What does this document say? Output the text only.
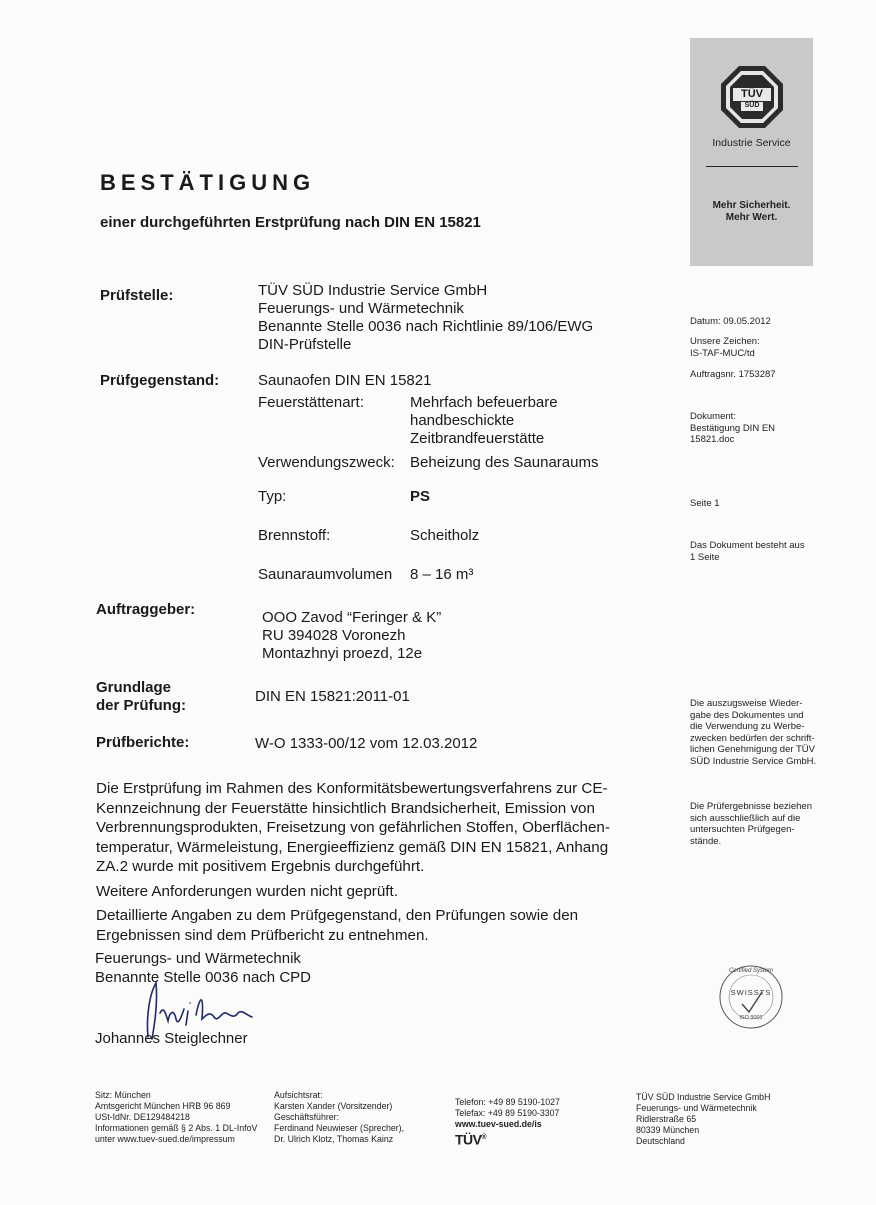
TÜV
SÜD
Industrie Service
Mehr Sicherheit.
Mehr Wert.
BESTÄTIGUNG
einer durchgeführten Erstprüfung nach DIN EN 15821
Prüfstelle:	TÜV SÜD Industrie Service GmbH
Feuerungs- und Wärmetechnik
Benannte Stelle 0036 nach Richtlinie 89/106/EWG
DIN-Prüfstelle
Prüfgegenstand:	Saunaofen DIN EN 15821
Feuerstättenart:	Mehrfach befeuerbare
handbeschickte
Zeitbrandfeuerstätte
Verwendungszweck: Beheizung des Saunaraums
Typ:	PS
Brennstoff:	Scheitholz
Saunaraumvolumen 8 – 16 m³
Auftraggeber:	OOO Zavod “Feringer & K”
RU 394028 Voronezh
Montazhnyi proezd, 12e
Grundlage
der Prüfung:
DIN EN 15821:2011-01
Prüfberichte:	W-O 1333-00/12 vom 12.03.2012

Die Erstprüfung im Rahmen des Konformitätsbewertungsverfahrens zur CE-Kennzeichnung der Feuerstätte hinsichtlich Brandsicherheit, Emission von Verbrennungsprodukten, Freisetzung von gefährlichen Stoffen, Oberflächen-temperatur, Wärmeleistung, Energieeffizienz gemäß DIN EN 15821, Anhang ZA.2 wurde mit positivem Ergebnis durchgeführt.

Weitere Anforderungen wurden nicht geprüft.

Detaillierte Angaben zu dem Prüfgegenstand, den Prüfungen sowie den Ergebnissen sind dem Prüfbericht zu entnehmen.

Feuerungs- und Wärmetechnik
Benannte Stelle 0036 nach CPD
Johannes Steiglechner
Datum: 09.05.2012
Unsere Zeichen:
IS-TAF-MUC/td
Auftragsnr. 1753287
Dokument:
Bestätigung DIN EN
15821.doc
Seite 1
Das Dokument besteht aus
1 Seite
Die auszugsweise Wieder-
gabe des Dokumentes und
die Verwendung zu Werbe-
zwecken bedürfen der schrift-
lichen Genehmigung der TÜV
SÜD Industrie Service GmbH.
Die Prüfergebnisse beziehen
sich ausschließlich auf die
untersuchten Prüfgegen-
stände.
Certified System
SWISSTS
ISO 9001
Sitz: München
Amtsgericht München HRB 96 869
USt-IdNr. DE129484218
Informationen gemäß § 2 Abs. 1 DL-InfoV
unter www.tuev-sued.de/impressum
Aufsichtsrat:
Karsten Xander (Vorsitzender)
Geschäftsführer:
Ferdinand Neuwieser (Sprecher),
Dr. Ulrich Klotz, Thomas Kainz
Telefon: +49 89 5190-1027
Telefax: +49 89 5190-3307
www.tuev-sued.de/is
TÜV®
TÜV SÜD Industrie Service GmbH
Feuerungs- und Wärmetechnik
Ridlerstraße 65
80339 München
Deutschland
